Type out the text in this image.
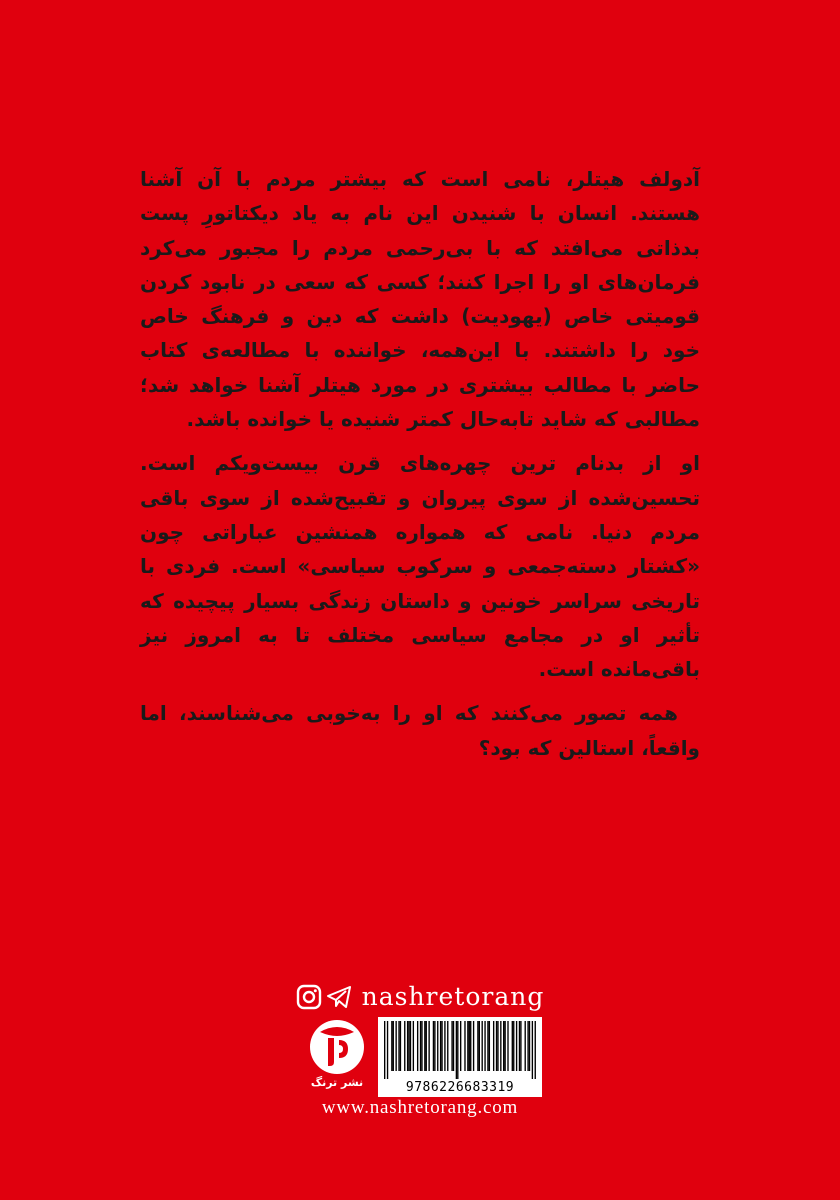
آدولف هیتلر، نامی است که بیشتر مردم با آن آشنا هستند. انسان با شنیدن این نام به یاد دیکتاتورِ پست بدذاتی می‌افتد که با بی‌رحمی مردم را مجبور می‌کرد فرمان‌های او را اجرا کنند؛ کسی که سعی در نابود کردن قومیتی خاص (یهودیت) داشت که دین و فرهنگ خاص خود را داشتند. با این‌همه، خواننده با مطالعه‌ی کتاب حاضر با مطالب بیشتری در مورد هیتلر آشنا خواهد شد؛ مطالبی که شاید تابه‌حال کمتر شنیده یا خوانده باشد.

او از بدنام ترین چهره‌های قرن بیست‌ویکم است. تحسین‌شده از سوی پیروان و تقبیح‌شده از سوی باقی مردم دنیا. نامی که همواره همنشین عباراتی چون «کشتار دسته‌جمعی و سرکوب سیاسی» است. فردی با تاریخی سراسر خونین و داستان زندگی بسیار پیچیده که تأثیر او در مجامع سیاسی مختلف تا به امروز نیز باقی‌مانده است.

همه تصور می‌کنند که او را به‌خوبی می‌شناسند، اما واقعاً، استالین که بود؟

nashretorang
نشر ترنگ	9786226683319
www.nashretorang.com
